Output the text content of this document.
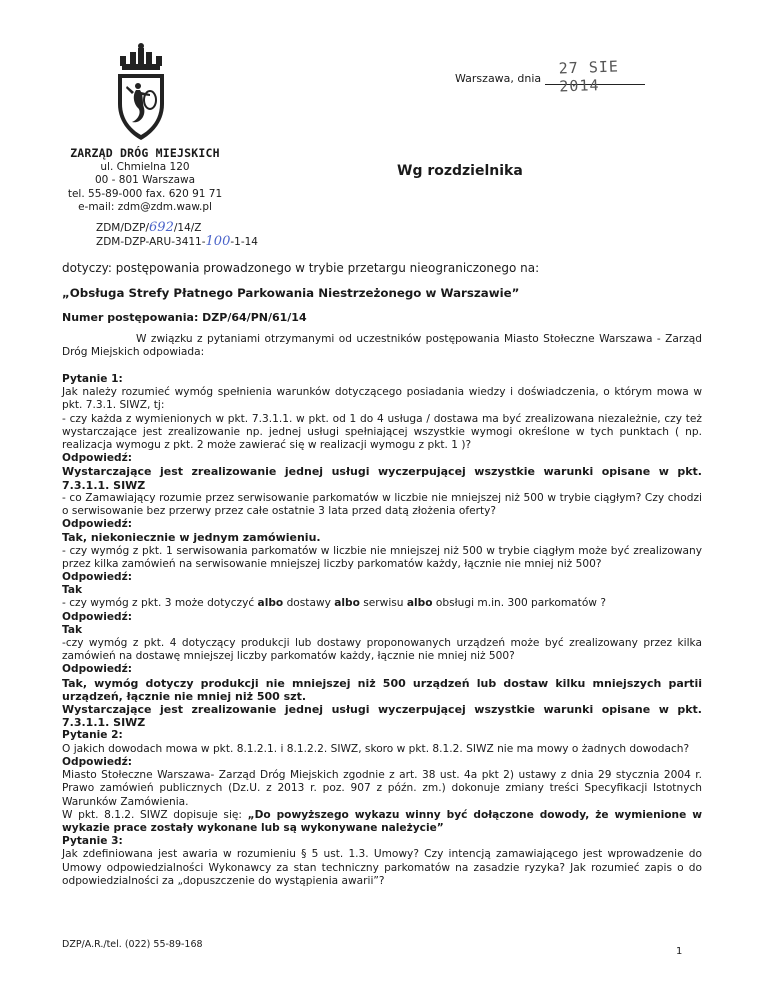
ZARZĄD DRÓG MIEJSKICH
ul. Chmielna 120
00 - 801 Warszawa
tel. 55-89-000 fax. 620 91 71
e-mail: zdm@zdm.waw.pl
Warszawa, dnia
27 SIE 2014
Wg rozdzielnika
ZDM/DZP/692/14/Z
ZDM-DZP-ARU-3411-100-1-14
dotyczy: postępowania prowadzonego w trybie przetargu nieograniczonego na:
„Obsługa Strefy Płatnego Parkowania Niestrzeżonego w Warszawie”
Numer postępowania: DZP/64/PN/61/14
W związku z pytaniami otrzymanymi od uczestników postępowania Miasto Stołeczne Warszawa - Zarząd Dróg Miejskich odpowiada:

Pytanie 1:

Jak należy rozumieć wymóg spełnienia warunków dotyczącego posiadania wiedzy i doświadczenia, o którym mowa w pkt. 7.3.1. SIWZ, tj:

- czy każda z wymienionych w pkt. 7.3.1.1. w pkt. od 1 do 4 usługa / dostawa ma być zrealizowana niezależnie, czy też wystarczające jest zrealizowanie np. jednej usługi spełniającej wszystkie wymogi określone w tych punktach ( np. realizacja wymogu z pkt. 2 może zawierać się w realizacji wymogu z pkt. 1 )?

Odpowiedź:

Wystarczające jest zrealizowanie jednej usługi wyczerpującej wszystkie warunki opisane w pkt. 7.3.1.1. SIWZ

- co Zamawiający rozumie przez serwisowanie parkomatów w liczbie nie mniejszej niż 500 w trybie ciągłym? Czy chodzi o serwisowanie bez przerwy przez całe ostatnie 3 lata przed datą złożenia oferty?

Odpowiedź:

Tak, niekoniecznie w jednym zamówieniu.

- czy wymóg z pkt. 1 serwisowania parkomatów w liczbie nie mniejszej niż 500 w trybie ciągłym może być zrealizowany przez kilka zamówień na serwisowanie mniejszej liczby parkomatów każdy, łącznie nie mniej niż 500?

Odpowiedź:

Tak

- czy wymóg z pkt. 3 może dotyczyć albo dostawy albo serwisu albo obsługi m.in. 300 parkomatów ?

Odpowiedź:

Tak

-czy wymóg z pkt. 4 dotyczący produkcji lub dostawy proponowanych urządzeń może być zrealizowany przez kilka zamówień na dostawę mniejszej liczby parkomatów każdy, łącznie nie mniej niż 500?

Odpowiedź:

Tak, wymóg dotyczy produkcji nie mniejszej niż 500 urządzeń lub dostaw kilku mniejszych partii urządzeń, łącznie nie mniej niż 500 szt.

Wystarczające jest zrealizowanie jednej usługi wyczerpującej wszystkie warunki opisane w pkt. 7.3.1.1. SIWZ

Pytanie 2:

O jakich dowodach mowa w pkt. 8.1.2.1. i 8.1.2.2. SIWZ, skoro w pkt. 8.1.2. SIWZ nie ma mowy o żadnych dowodach?

Odpowiedź:

Miasto Stołeczne Warszawa- Zarząd Dróg Miejskich zgodnie z art. 38 ust. 4a pkt 2) ustawy z dnia 29 stycznia 2004 r. Prawo zamówień publicznych (Dz.U. z 2013 r. poz. 907 z późn. zm.) dokonuje zmiany treści Specyfikacji Istotnych Warunków Zamówienia.

W pkt. 8.1.2. SIWZ dopisuje się: „Do powyższego wykazu winny być dołączone dowody, że wymienione w wykazie prace zostały wykonane lub są wykonywane należycie”

Pytanie 3:

Jak zdefiniowana jest awaria w rozumieniu § 5 ust. 1.3. Umowy? Czy intencją zamawiającego jest wprowadzenie do Umowy odpowiedzialności Wykonawcy za stan techniczny parkomatów na zasadzie ryzyka? Jak rozumieć zapis o do odpowiedzialności za „dopuszczenie do wystąpienia awarii”?

DZP/A.R./tel. (022) 55-89-168
1
